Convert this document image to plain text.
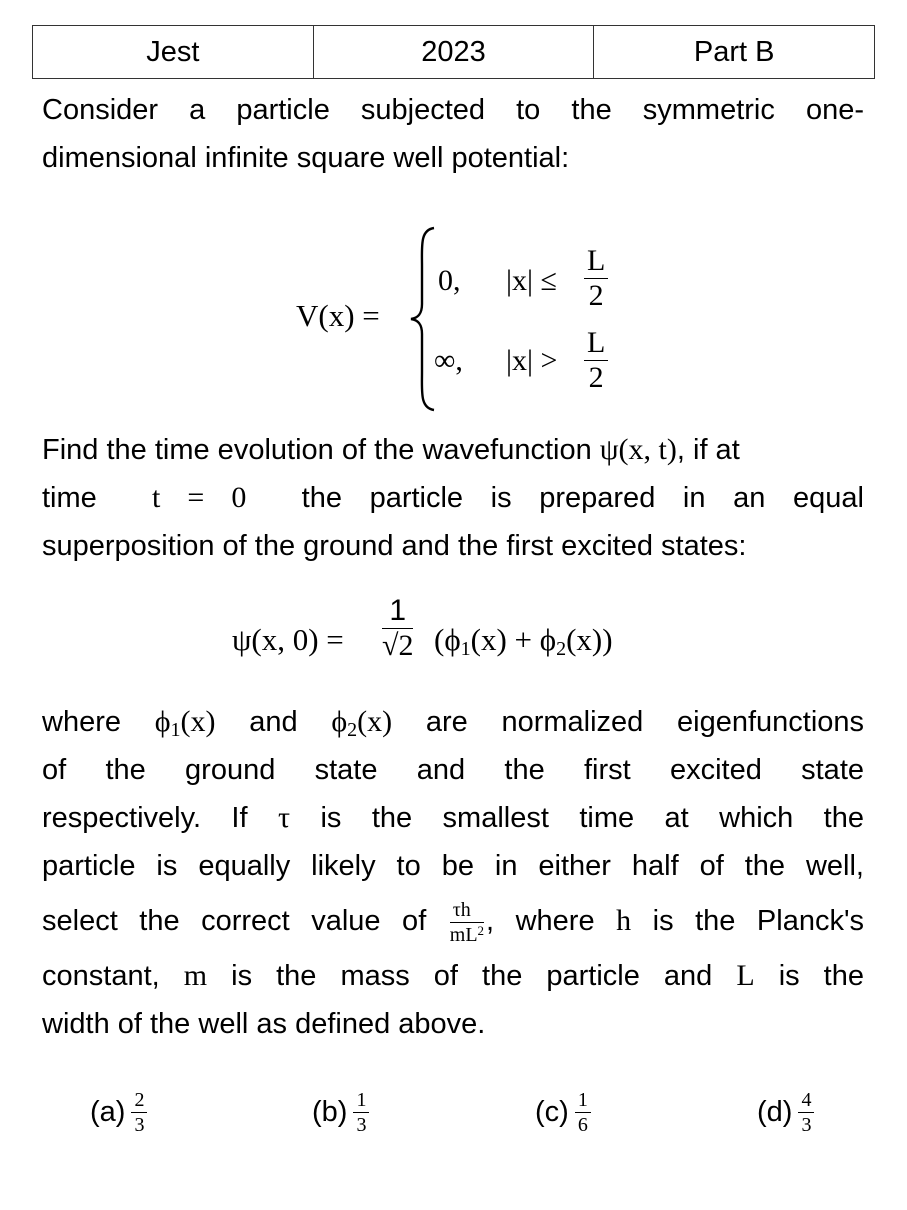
Jest	2023	Part B
Consider a particle subjected to the symmetric one-
dimensional infinite square well potential:
V(x) =
0, $|x| \le \frac{L}{2}$
∞, $|x| > \frac{L}{2}$
Find the time evolution of the wavefunction ψ(x, t), if at
time t = 0 the particle is prepared in an equal
superposition of the ground and the first excited states:
ψ(x, $0) = \frac{1}{√2} (\phi_1(x) + \phi_2(x))$
where $\phi_1(x)$ and $\phi_2(x)$ are normalized eigenfunctions
of the ground state and the first excited state
respectively. If τ is the smallest time at which the
particle is equally likely to be in either half of the well,
select the correct value of $\frac{\tau h}{mL^2}$ , where h is the Planck's
constant, m is the mass of the particle and L is the
width of the well as defined above.
$(a) \frac{2}{3}$	$(b) \frac{1}{3}$	$(c) \frac{1}{6}$	$(d) \frac{4}{3}$
